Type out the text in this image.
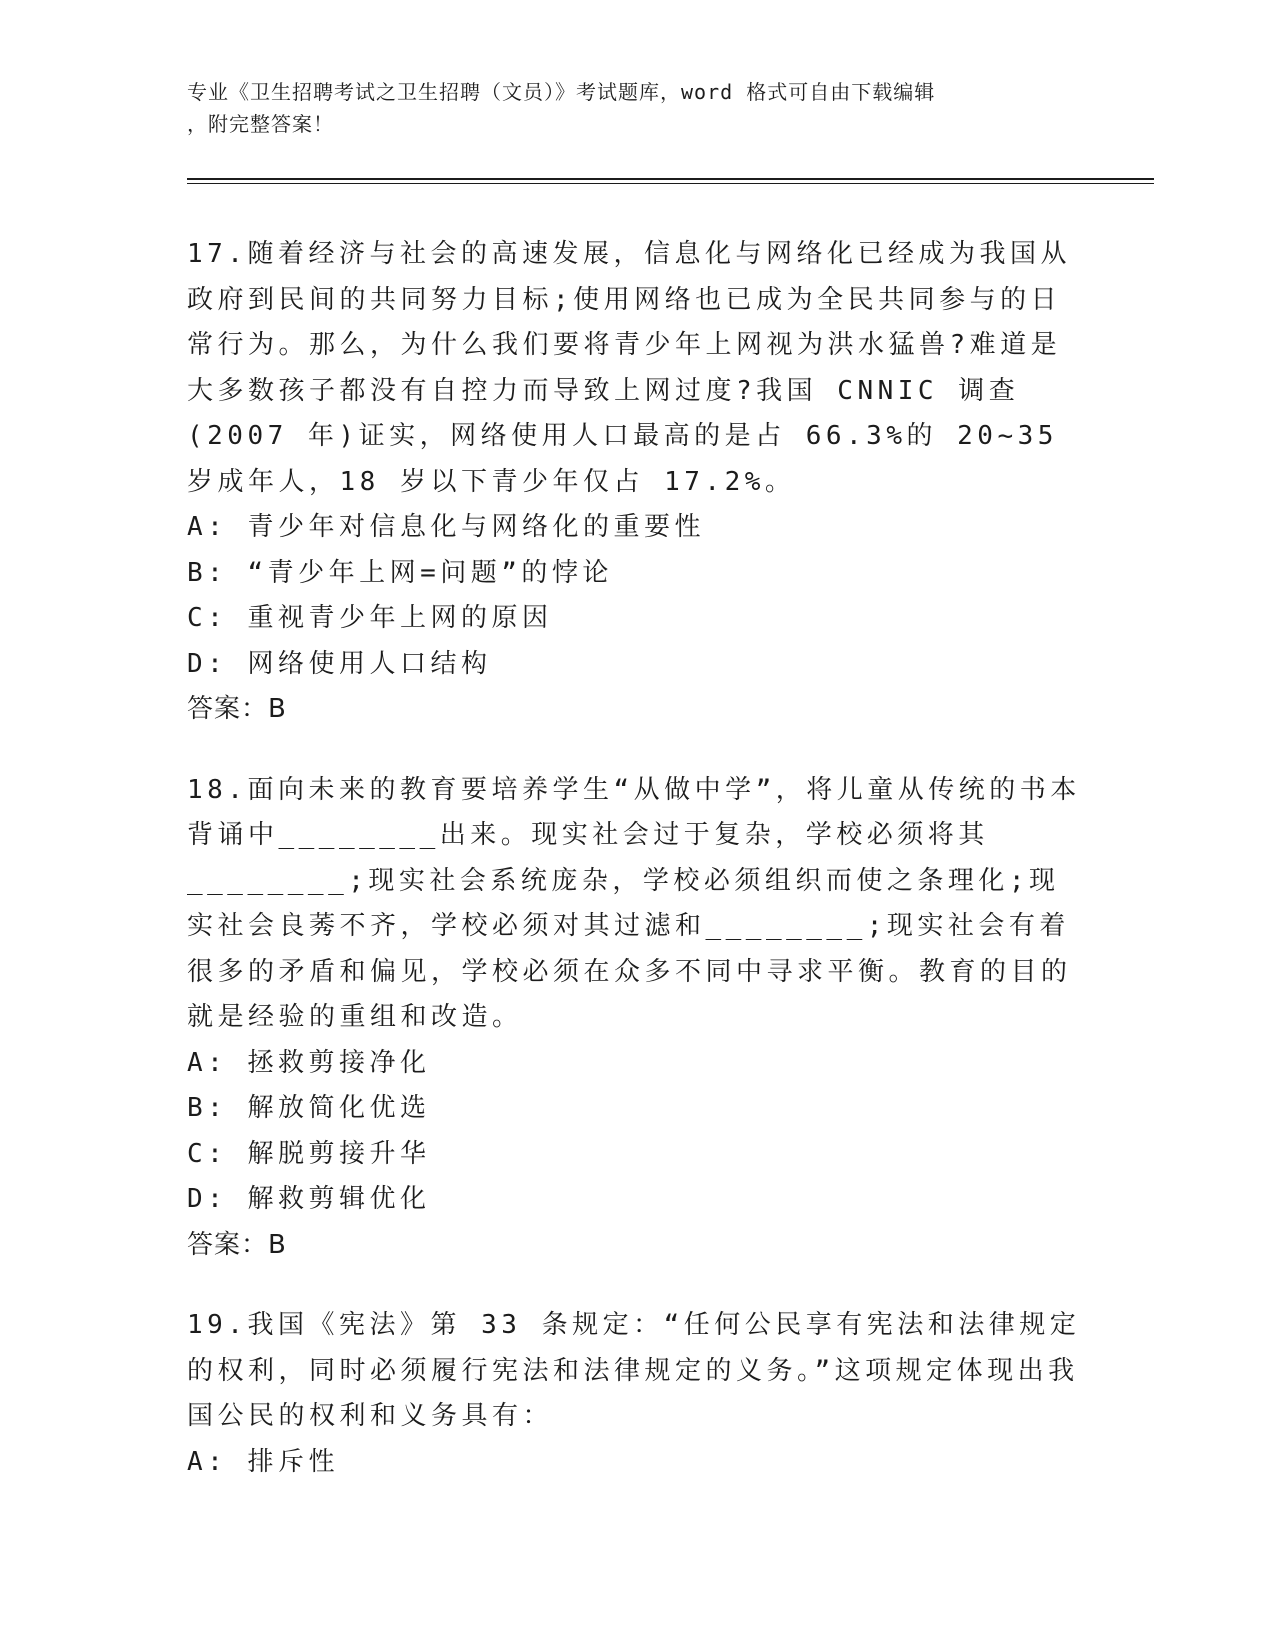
专业《卫生招聘考试之卫生招聘（文员）》考试题库，word 格式可自由下载编辑
，附完整答案！

17.随着经济与社会的高速发展，信息化与网络化已经成为我国从政府到民间的共同努力目标;使用网络也已成为全民共同参与的日常行为。那么，为什么我们要将青少年上网视为洪水猛兽?难道是大多数孩子都没有自控力而导致上网过度?我国 CNNIC 调查(2007 年)证实，网络使用人口最高的是占 66.3%的 20~35 岁成年人，18 岁以下青少年仅占 17.2%。

A: 青少年对信息化与网络化的重要性

B: “青少年上网=问题”的悖论

C: 重视青少年上网的原因

D: 网络使用人口结构

答案：B

18.面向未来的教育要培养学生“从做中学”，将儿童从传统的书本背诵中________出来。现实社会过于复杂，学校必须将其________;现实社会系统庞杂，学校必须组织而使之条理化;现实社会良莠不齐，学校必须对其过滤和________;现实社会有着很多的矛盾和偏见，学校必须在众多不同中寻求平衡。教育的目的就是经验的重组和改造。

A: 拯救剪接净化

B: 解放简化优选

C: 解脱剪接升华

D: 解救剪辑优化

答案：B

19.我国《宪法》第 33 条规定：“任何公民享有宪法和法律规定的权利，同时必须履行宪法和法律规定的义务。”这项规定体现出我国公民的权利和义务具有：

A: 排斥性
